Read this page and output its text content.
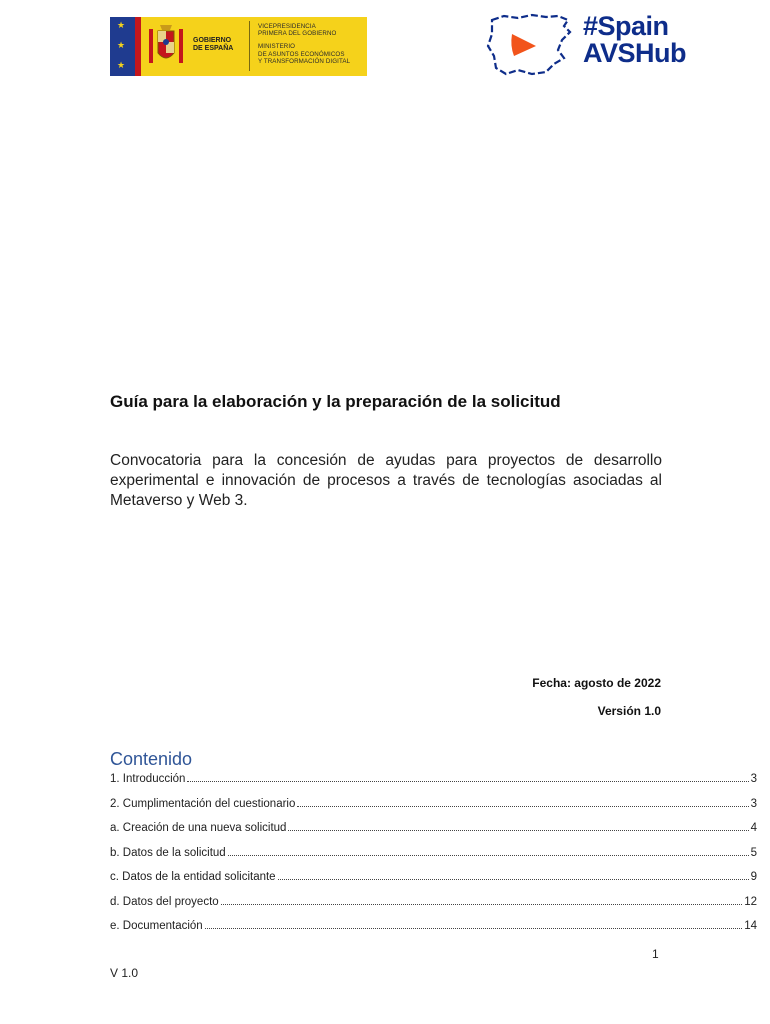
★
★
★
GOBIERNO
DE ESPAÑA
VICEPRESIDENCIA
PRIMERA DEL GOBIERNO
MINISTERIO
DE ASUNTOS ECONÓMICOS
Y TRANSFORMACIÓN DIGITAL
#Spain
AVSHub
Guía para la elaboración y la preparación de la solicitud
Convocatoria para la concesión de ayudas para proyectos de desarrollo experimental e innovación de procesos a través de tecnologías asociadas al Metaverso y Web 3.
Fecha: agosto de 2022
Versión 1.0
Contenido
1. Introducción	3
2. Cumplimentación del cuestionario	3
a. Creación de una nueva solicitud	4
b. Datos de la solicitud	5
c. Datos de la entidad solicitante	9
d. Datos del proyecto	12
e. Documentación	14
1
V 1.0
